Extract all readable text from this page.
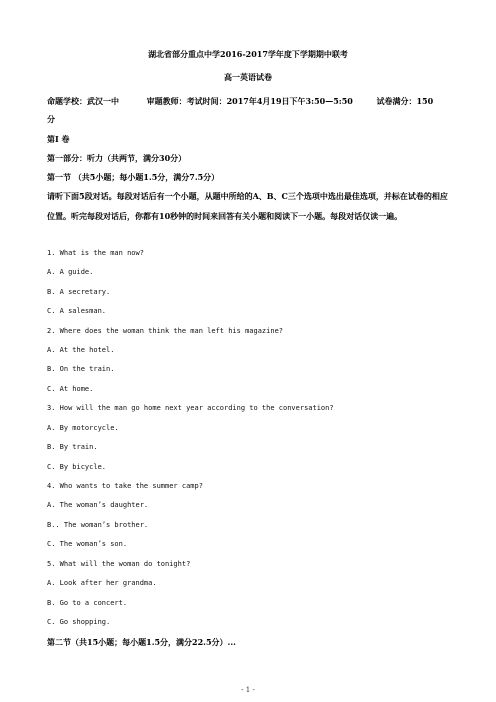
湖北省部分重点中学2016-2017学年度下学期期中联考
高一英语试卷
命题学校：武汉一中	审题教师：考试时间：2017年4月19日下午3:50—5:50	试卷满分：150
分
第I 卷
第一部分：听力（共两节，满分30分）
第一节 （共5小题；每小题1.5分，满分7.5分）
请听下面5段对话。每段对话后有一个小题，从题中所给的A、B、C三个选项中选出最佳选项，并标在试卷的相应位置。听完每段对话后，你都有10秒钟的时间来回答有关小题和阅读下一小题。每段对话仅读一遍。
1. What is the man now?
A. A guide.
B. A secretary.
C. A salesman.
2. Where does the woman think the man left his magazine?
A. At the hotel.
B. On the train.
C. At home.
3. How will the man go home next year according to the conversation?
A. By motorcycle.
B. By train.
C. By bicycle.
4. Who wants to take the summer camp?
A. The woman’s daughter.
B.. The woman’s brother.
C. The woman’s son.
5. What will the woman do tonight?
A. Look after her grandma.
B. Go to a concert.
C. Go shopping.
第二节（共15小题；每小题1.5分，满分22.5分）...
- 1 -
